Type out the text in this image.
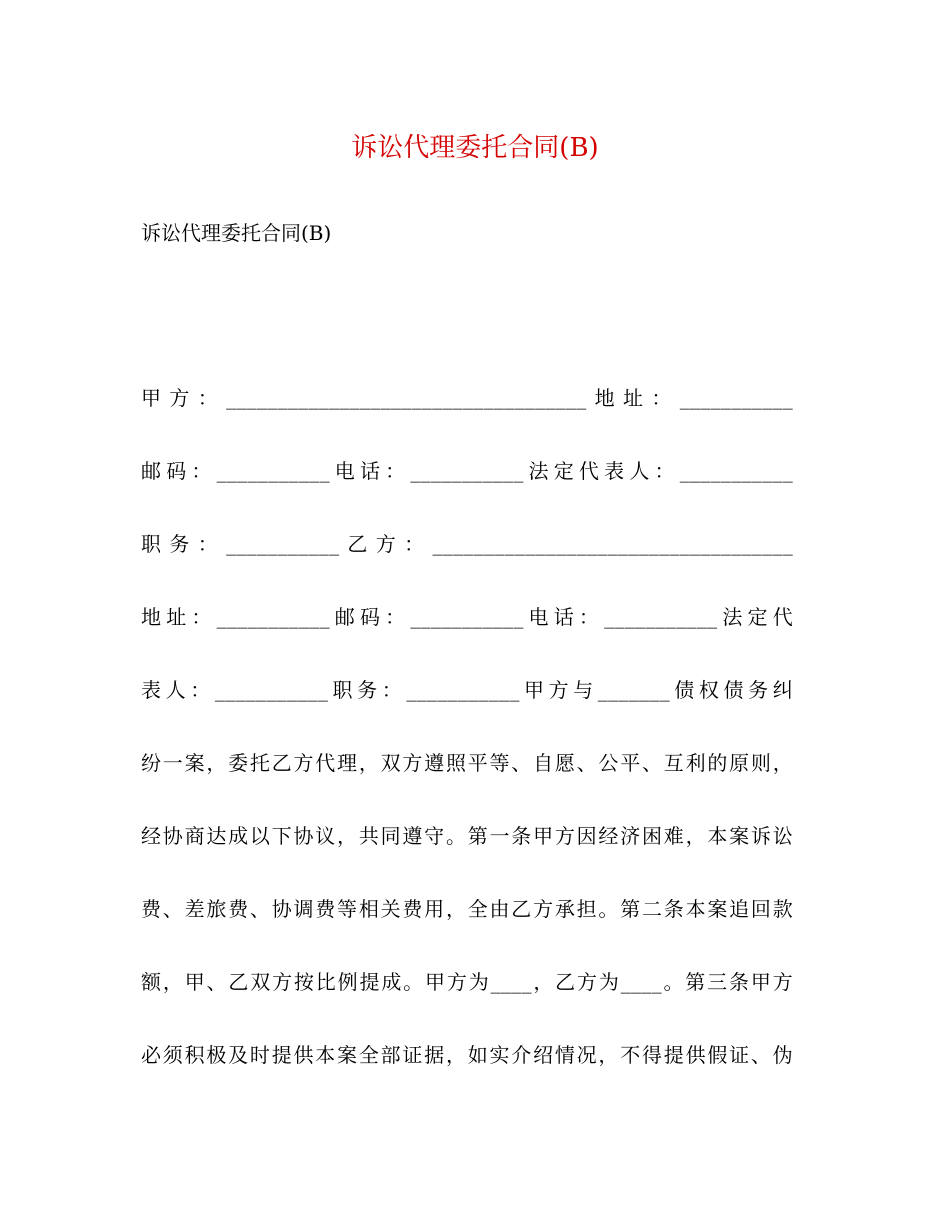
诉讼代理委托合同(B)
诉讼代理委托合同(B)
甲方：___________________________________地址：___________
邮码：___________电话：___________法定代表人：___________
职务：___________乙方：___________________________________
地址：___________邮码：___________电话：___________法定代
表人：___________职务：___________甲方与_______债权债务纠
纷一案，委托乙方代理，双方遵照平等、自愿、公平、互利的原则，
经协商达成以下协议，共同遵守。第一条甲方因经济困难，本案诉讼
费、差旅费、协调费等相关费用，全由乙方承担。第二条本案追回款
额，甲、乙双方按比例提成。甲方为____，乙方为____。第三条甲方
必须积极及时提供本案全部证据，如实介绍情况，不得提供假证、伪
